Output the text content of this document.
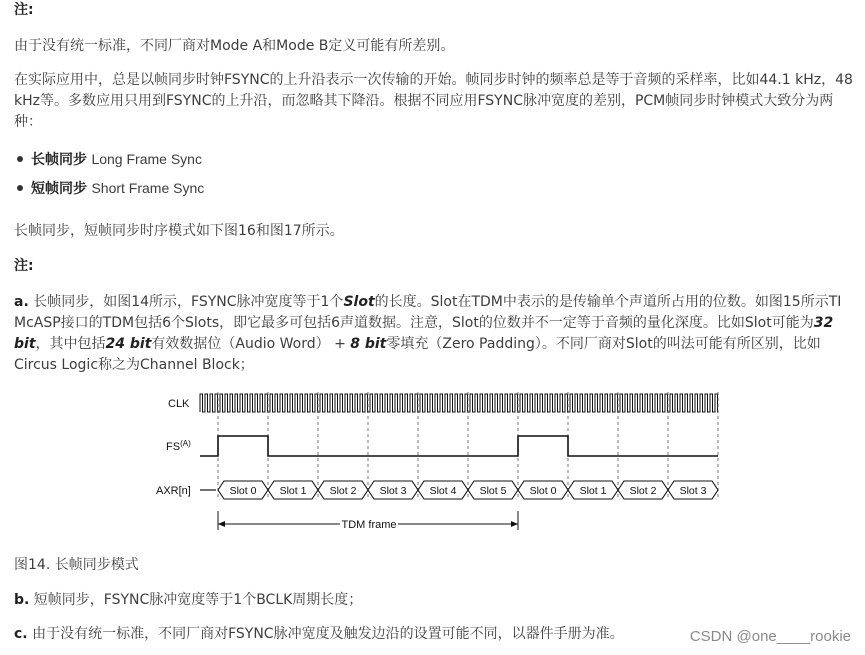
注:

由于没有统一标准，不同厂商对Mode A和Mode B定义可能有所差别。

在实际应用中，总是以帧同步时钟FSYNC的上升沿表示一次传输的开始。帧同步时钟的频率总是等于音频的采样率，比如44.1 kHz，48 kHz等。多数应用只用到FSYNC的上升沿，而忽略其下降沿。根据不同应用FSYNC脉冲宽度的差别，PCM帧同步时钟模式大致分为两种：

长帧同步 Long Frame Sync
短帧同步 Short Frame Sync

长帧同步，短帧同步时序模式如下图16和图17所示。

注:

a. 长帧同步，如图14所示，FSYNC脉冲宽度等于1个Slot的长度。Slot在TDM中表示的是传输单个声道所占用的位数。如图15所示TI McASP接口的TDM包括6个Slots，即它最多可包括6声道数据。注意，Slot的位数并不一定等于音频的量化深度。比如Slot可能为32 bit，其中包括24 bit有效数据位（Audio Word） + 8 bit零填充（Zero Padding）。不同厂商对Slot的叫法可能有所区别，比如Circus Logic称之为Channel Block；

CLK
$FS^{(A)}$
AXR[n]	Slot 0 Slot 1 Slot 2 Slot 3 Slot 4 Slot 5 Slot 0 Slot 1 Slot 2 Slot 3
TDM frame

图14. 长帧同步模式

b. 短帧同步，FSYNC脉冲宽度等于1个BCLK周期长度；

c. 由于没有统一标准，不同厂商对FSYNC脉冲宽度及触发边沿的设置可能不同，以器件手册为准。	CSDN @one____rookie
